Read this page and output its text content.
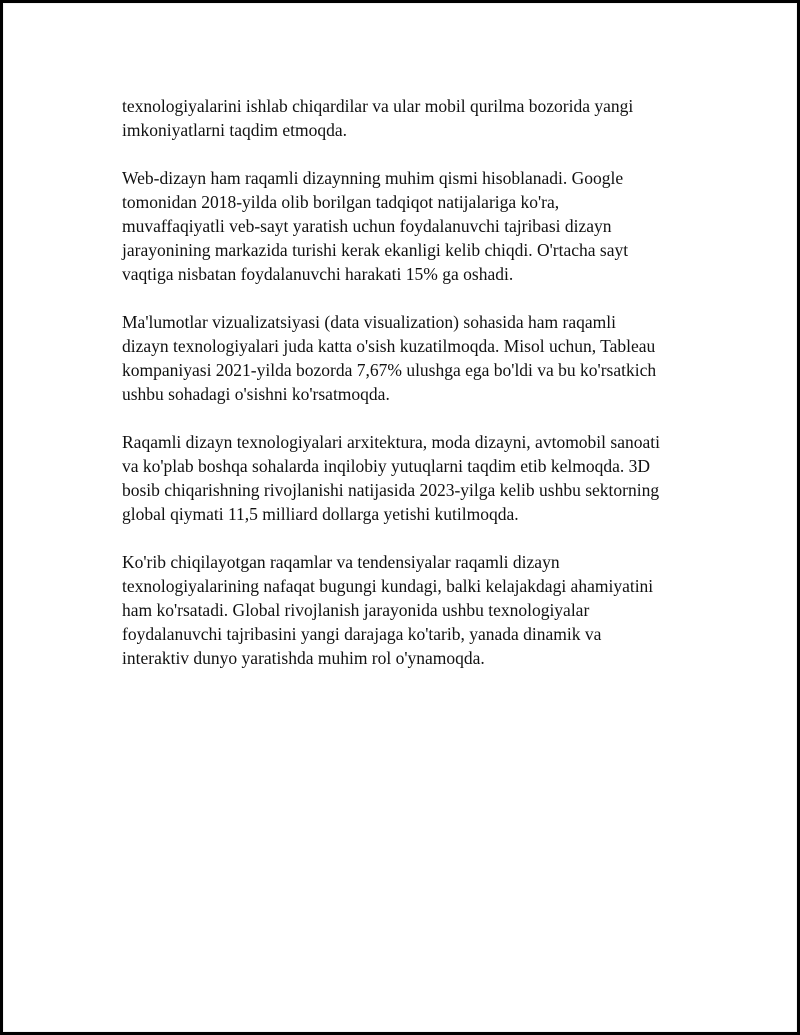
texnologiyalarini ishlab chiqardilar va ular mobil qurilma bozorida yangi
imkoniyatlarni taqdim etmoqda.

Web-dizayn ham raqamli dizaynning muhim qismi hisoblanadi. Google
tomonidan 2018-yilda olib borilgan tadqiqot natijalariga ko'ra,
muvaffaqiyatli veb-sayt yaratish uchun foydalanuvchi tajribasi dizayn
jarayonining markazida turishi kerak ekanligi kelib chiqdi. O'rtacha sayt
vaqtiga nisbatan foydalanuvchi harakati 15% ga oshadi.

Ma'lumotlar vizualizatsiyasi (data visualization) sohasida ham raqamli
dizayn texnologiyalari juda katta o'sish kuzatilmoqda. Misol uchun, Tableau
kompaniyasi 2021-yilda bozorda 7,67% ulushga ega bo'ldi va bu ko'rsatkich
ushbu sohadagi o'sishni ko'rsatmoqda.

Raqamli dizayn texnologiyalari arxitektura, moda dizayni, avtomobil sanoati
va ko'plab boshqa sohalarda inqilobiy yutuqlarni taqdim etib kelmoqda. 3D
bosib chiqarishning rivojlanishi natijasida 2023-yilga kelib ushbu sektorning
global qiymati 11,5 milliard dollarga yetishi kutilmoqda.

Ko'rib chiqilayotgan raqamlar va tendensiyalar raqamli dizayn
texnologiyalarining nafaqat bugungi kundagi, balki kelajakdagi ahamiyatini
ham ko'rsatadi. Global rivojlanish jarayonida ushbu texnologiyalar
foydalanuvchi tajribasini yangi darajaga ko'tarib, yanada dinamik va
interaktiv dunyo yaratishda muhim rol o'ynamoqda.
